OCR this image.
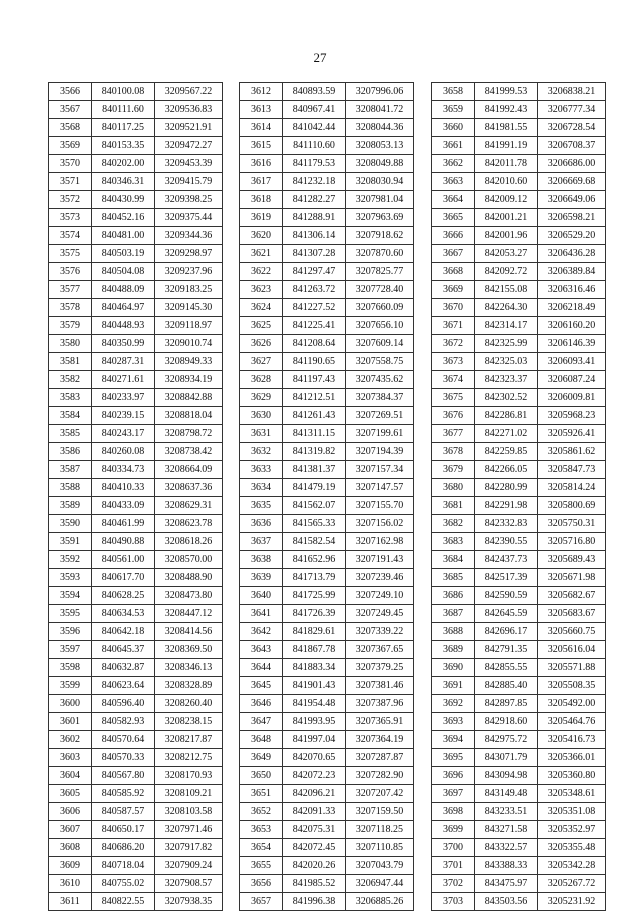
27
3566	840100.08	3209567.22
3567	840111.60	3209536.83
3568	840117.25	3209521.91
3569	840153.35	3209472.27
3570	840202.00	3209453.39
3571	840346.31	3209415.79
3572	840430.99	3209398.25
3573	840452.16	3209375.44
3574	840481.00	3209344.36
3575	840503.19	3209298.97
3576	840504.08	3209237.96
3577	840488.09	3209183.25
3578	840464.97	3209145.30
3579	840448.93	3209118.97
3580	840350.99	3209010.74
3581	840287.31	3208949.33
3582	840271.61	3208934.19
3583	840233.97	3208842.88
3584	840239.15	3208818.04
3585	840243.17	3208798.72
3586	840260.08	3208738.42
3587	840334.73	3208664.09
3588	840410.33	3208637.36
3589	840433.09	3208629.31
3590	840461.99	3208623.78
3591	840490.88	3208618.26
3592	840561.00	3208570.00
3593	840617.70	3208488.90
3594	840628.25	3208473.80
3595	840634.53	3208447.12
3596	840642.18	3208414.56
3597	840645.37	3208369.50
3598	840632.87	3208346.13
3599	840623.64	3208328.89
3600	840596.40	3208260.40
3601	840582.93	3208238.15
3602	840570.64	3208217.87
3603	840570.33	3208212.75
3604	840567.80	3208170.93
3605	840585.92	3208109.21
3606	840587.57	3208103.58
3607	840650.17	3207971.46
3608	840686.20	3207917.82
3609	840718.04	3207909.24
3610	840755.02	3207908.57
3611	840822.55	3207938.35
3612	840893.59	3207996.06
3613	840967.41	3208041.72
3614	841042.44	3208044.36
3615	841110.60	3208053.13
3616	841179.53	3208049.88
3617	841232.18	3208030.94
3618	841282.27	3207981.04
3619	841288.91	3207963.69
3620	841306.14	3207918.62
3621	841307.28	3207870.60
3622	841297.47	3207825.77
3623	841263.72	3207728.40
3624	841227.52	3207660.09
3625	841225.41	3207656.10
3626	841208.64	3207609.14
3627	841190.65	3207558.75
3628	841197.43	3207435.62
3629	841212.51	3207384.37
3630	841261.43	3207269.51
3631	841311.15	3207199.61
3632	841319.82	3207194.39
3633	841381.37	3207157.34
3634	841479.19	3207147.57
3635	841562.07	3207155.70
3636	841565.33	3207156.02
3637	841582.54	3207162.98
3638	841652.96	3207191.43
3639	841713.79	3207239.46
3640	841725.99	3207249.10
3641	841726.39	3207249.45
3642	841829.61	3207339.22
3643	841867.78	3207367.65
3644	841883.34	3207379.25
3645	841901.43	3207381.46
3646	841954.48	3207387.96
3647	841993.95	3207365.91
3648	841997.04	3207364.19
3649	842070.65	3207287.87
3650	842072.23	3207282.90
3651	842096.21	3207207.42
3652	842091.33	3207159.50
3653	842075.31	3207118.25
3654	842072.45	3207110.85
3655	842020.26	3207043.79
3656	841985.52	3206947.44
3657	841996.38	3206885.26
3658	841999.53	3206838.21
3659	841992.43	3206777.34
3660	841981.55	3206728.54
3661	841991.19	3206708.37
3662	842011.78	3206686.00
3663	842010.60	3206669.68
3664	842009.12	3206649.06
3665	842001.21	3206598.21
3666	842001.96	3206529.20
3667	842053.27	3206436.28
3668	842092.72	3206389.84
3669	842155.08	3206316.46
3670	842264.30	3206218.49
3671	842314.17	3206160.20
3672	842325.99	3206146.39
3673	842325.03	3206093.41
3674	842323.37	3206087.24
3675	842302.52	3206009.81
3676	842286.81	3205968.23
3677	842271.02	3205926.41
3678	842259.85	3205861.62
3679	842266.05	3205847.73
3680	842280.99	3205814.24
3681	842291.98	3205800.69
3682	842332.83	3205750.31
3683	842390.55	3205716.80
3684	842437.73	3205689.43
3685	842517.39	3205671.98
3686	842590.59	3205682.67
3687	842645.59	3205683.67
3688	842696.17	3205660.75
3689	842791.35	3205616.04
3690	842855.55	3205571.88
3691	842885.40	3205508.35
3692	842897.85	3205492.00
3693	842918.60	3205464.76
3694	842975.72	3205416.73
3695	843071.79	3205366.01
3696	843094.98	3205360.80
3697	843149.48	3205348.61
3698	843233.51	3205351.08
3699	843271.58	3205352.97
3700	843322.57	3205355.48
3701	843388.33	3205342.28
3702	843475.97	3205267.72
3703	843503.56	3205231.92
